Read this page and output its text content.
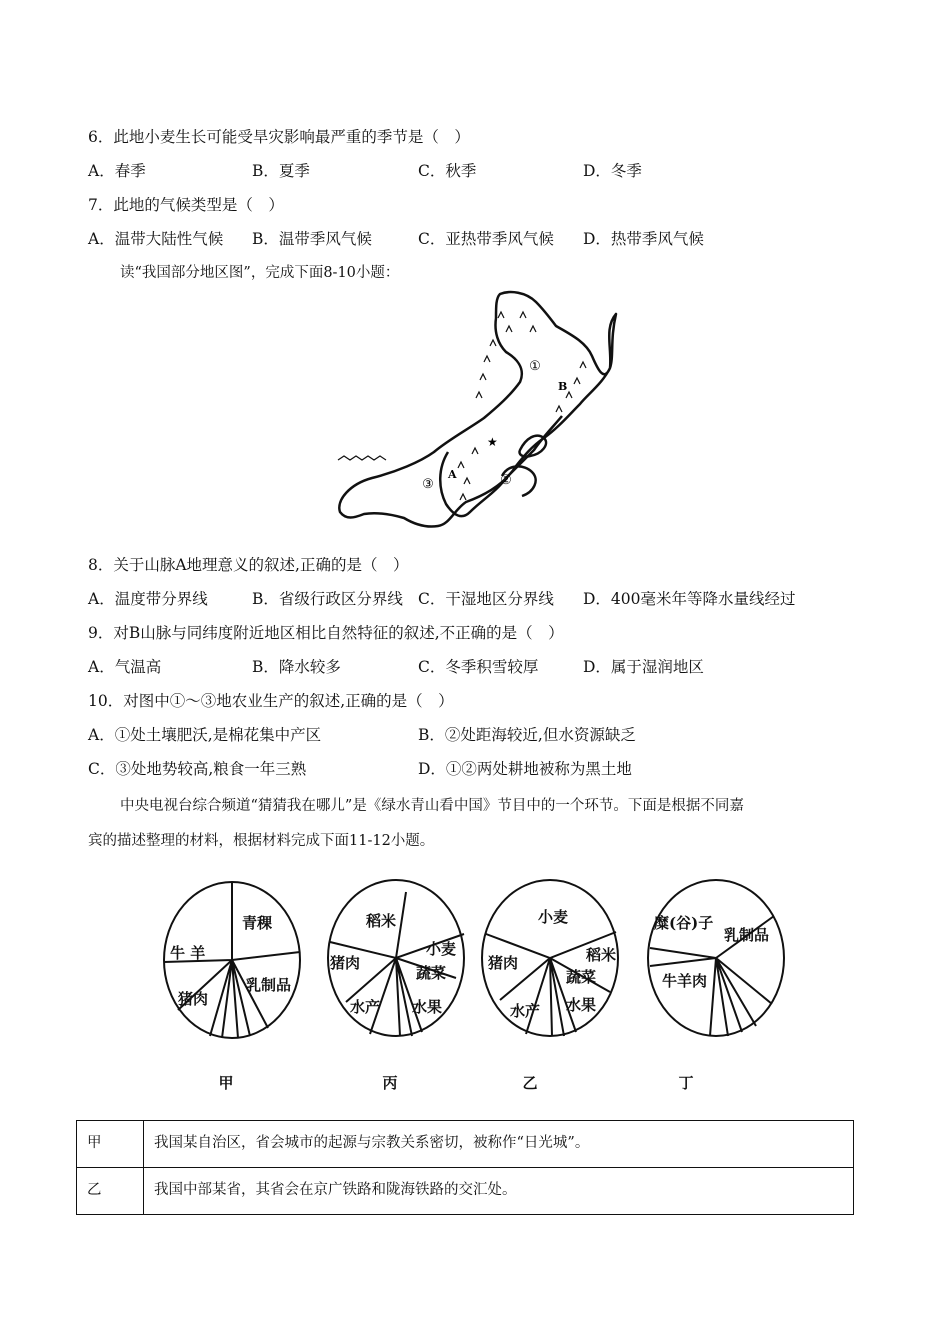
6．此地小麦生长可能受旱灾影响最严重的季节是（　）
A．春季	B．夏季	C．秋季	D．冬季
7．此地的气候类型是（　）
A．温带大陆性气候 B．温带季风气候	C．亚热带季风气候 D．热带季风气候
读“我国部分地区图”，完成下面8-10小题：
①
B
★
A	②
③
8．关于山脉A地理意义的叙述,正确的是（　）
A．温度带分界线	B．省级行政区分界线 C．干湿地区分界线 D．400毫米年等降水量线经过
9．对B山脉与同纬度附近地区相比自然特征的叙述,不正确的是（　）
A．气温高	B．降水较多	C．冬季积雪较厚	D．属于湿润地区
10．对图中①～③地农业生产的叙述,正确的是（　）
A．①处土壤肥沃,是棉花集中产区	B．②处距海较近,但水资源缺乏
C．③处地势较高,粮食一年三熟	D．①②两处耕地被称为黑土地
中央电视台综合频道“猜猜我在哪儿”是《绿水青山看中国》节目中的一个环节。下面是根据不同嘉
宾的描述整理的材料，根据材料完成下面11-12小题。
青稞
牛 羊
乳制品
猪肉
稻米
小麦
猪肉
蔬菜
水产 水果
小麦
稻米
猪肉
蔬菜
水产 水果
糜(谷)子
乳制品
牛羊肉
甲	丙	乙	丁
甲	我国某自治区，省会城市的起源与宗教关系密切，被称作“日光城”。
乙	我国中部某省，其省会在京广铁路和陇海铁路的交汇处。
